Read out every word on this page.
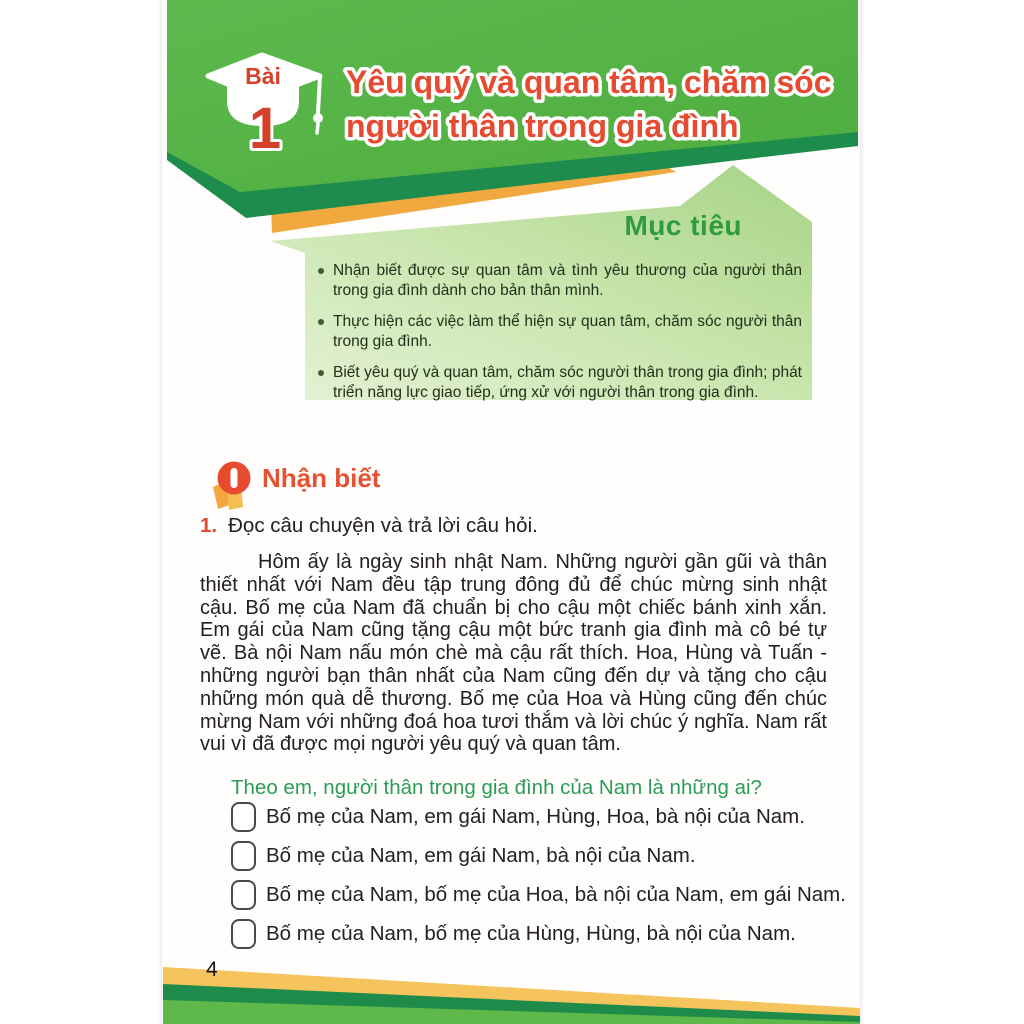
Bài
1
Yêu quý và quan tâm, chăm sóc
người thân trong gia đình
Mục tiêu
Nhận biết được sự quan tâm và tình yêu thương của người thân trong gia đình dành cho bản thân mình.
Thực hiện các việc làm thể hiện sự quan tâm, chăm sóc người thân trong gia đình.
Biết yêu quý và quan tâm, chăm sóc người thân trong gia đình; phát triển năng lực giao tiếp, ứng xử với người thân trong gia đình.
Nhận biết
1. Đọc câu chuyện và trả lời câu hỏi.

Hôm ấy là ngày sinh nhật Nam. Những người gần gũi và thân thiết nhất với Nam đều tập trung đông đủ để chúc mừng sinh nhật cậu. Bố mẹ của Nam đã chuẩn bị cho cậu một chiếc bánh xinh xắn. Em gái của Nam cũng tặng cậu một bức tranh gia đình mà cô bé tự vẽ. Bà nội Nam nấu món chè mà cậu rất thích. Hoa, Hùng và Tuấn - những người bạn thân nhất của Nam cũng đến dự và tặng cho cậu những món quà dễ thương. Bố mẹ của Hoa và Hùng cũng đến chúc mừng Nam với những đoá hoa tươi thắm và lời chúc ý nghĩa. Nam rất vui vì đã được mọi người yêu quý và quan tâm.

Theo em, người thân trong gia đình của Nam là những ai?
Bố mẹ của Nam, em gái Nam, Hùng, Hoa, bà nội của Nam.
Bố mẹ của Nam, em gái Nam, bà nội của Nam.
Bố mẹ của Nam, bố mẹ của Hoa, bà nội của Nam, em gái Nam.
Bố mẹ của Nam, bố mẹ của Hùng, Hùng, bà nội của Nam.
4
